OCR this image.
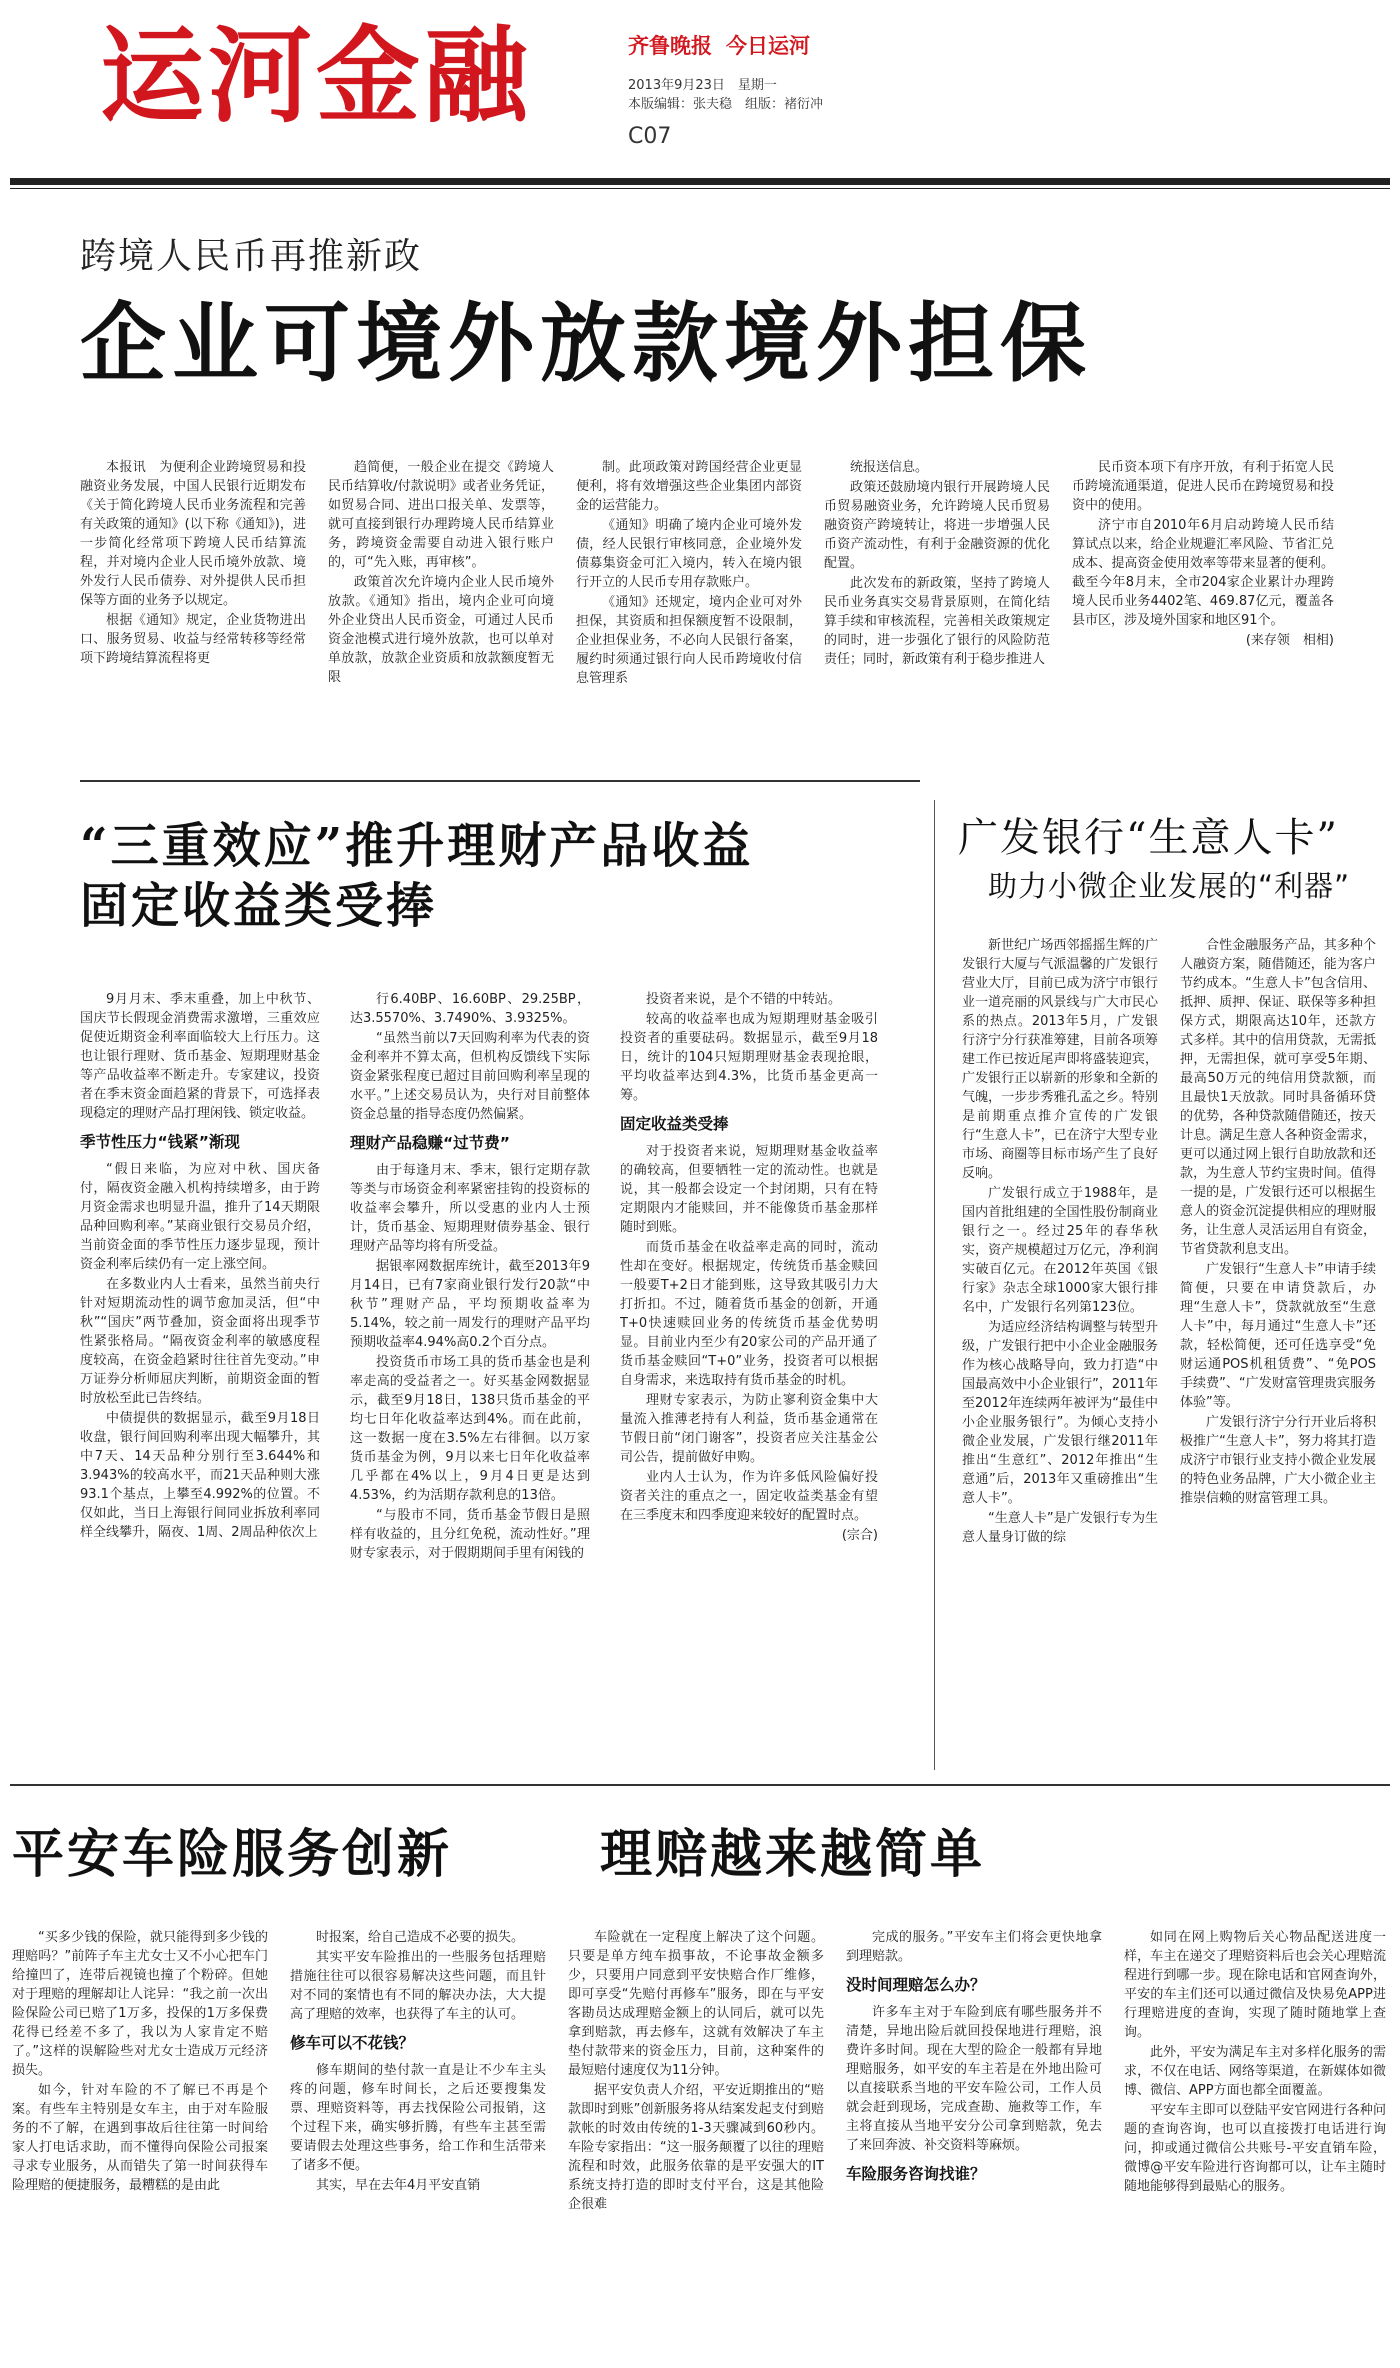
运河金融	齐鲁晚报 今日运河
2013年9月23日　星期一
本版编辑：张夫稳　组版：褚衍冲
C07
跨境人民币再推新政
企业可境外放款境外担保

本报讯　为便利企业跨境贸易和投融资业务发展，中国人民银行近期发布《关于简化跨境人民币业务流程和完善有关政策的通知》(以下称《通知》)，进一步简化经常项下跨境人民币结算流程，并对境内企业人民币境外放款、境外发行人民币债券、对外提供人民币担保等方面的业务予以规定。

根据《通知》规定，企业货物进出口、服务贸易、收益与经常转移等经常项下跨境结算流程将更

趋简便，一般企业在提交《跨境人民币结算收/付款说明》或者业务凭证，如贸易合同、进出口报关单、发票等，就可直接到银行办理跨境人民币结算业务，跨境资金需要自动进入银行账户的，可“先入账，再审核”。

政策首次允许境内企业人民币境外放款。《通知》指出，境内企业可向境外企业贷出人民币资金，可通过人民币资金池模式进行境外放款，也可以单对单放款，放款企业资质和放款额度暂无限

制。此项政策对跨国经营企业更显便利，将有效增强这些企业集团内部资金的运营能力。

《通知》明确了境内企业可境外发债，经人民银行审核同意，企业境外发债募集资金可汇入境内，转入在境内银行开立的人民币专用存款账户。

《通知》还规定，境内企业可对外担保，其资质和担保额度暂不设限制，企业担保业务，不必向人民银行备案，履约时须通过银行向人民币跨境收付信息管理系

统报送信息。

政策还鼓励境内银行开展跨境人民币贸易融资业务，允许跨境人民币贸易融资资产跨境转让，将进一步增强人民币资产流动性，有利于金融资源的优化配置。

此次发布的新政策，坚持了跨境人民币业务真实交易背景原则，在简化结算手续和审核流程，完善相关政策规定的同时，进一步强化了银行的风险防范责任；同时，新政策有利于稳步推进人

民币资本项下有序开放，有利于拓宽人民币跨境流通渠道，促进人民币在跨境贸易和投资中的使用。

济宁市自2010年6月启动跨境人民币结算试点以来，给企业规避汇率风险、节省汇兑成本、提高资金使用效率等带来显著的便利。截至今年8月末，全市204家企业累计办理跨境人民币业务4402笔、469.87亿元，覆盖各县市区，涉及境外国家和地区91个。

(来存领　相相)

“三重效应”推升理财产品收益
固定收益类受捧

9月月末、季末重叠，加上中秋节、国庆节长假现金消费需求激增，三重效应促使近期资金利率面临较大上行压力。这也让银行理财、货币基金、短期理财基金等产品收益率不断走升。专家建议，投资者在季末资金面趋紧的背景下，可选择表现稳定的理财产品打理闲钱、锁定收益。

季节性压力“钱紧”渐现

“假日来临，为应对中秋、国庆备付，隔夜资金融入机构持续增多，由于跨月资金需求也明显升温，推升了14天期限品种回购利率。”某商业银行交易员介绍，当前资金面的季节性压力逐步显现，预计资金利率后续仍有一定上涨空间。

在多数业内人士看来，虽然当前央行针对短期流动性的调节愈加灵活，但“中秋”“国庆”两节叠加，资金面将出现季节性紧张格局。“隔夜资金利率的敏感度程度较高，在资金趋紧时往往首先变动。”申万证券分析师屈庆判断，前期资金面的暂时放松至此已告终结。

中债提供的数据显示，截至9月18日收盘，银行间回购利率出现大幅攀升，其中7天、14天品种分别行至3.644%和3.943%的较高水平，而21天品种则大涨93.1个基点，上攀至4.992%的位置。不仅如此，当日上海银行间同业拆放利率同样全线攀升，隔夜、1周、2周品种依次上

行6.40BP、16.60BP、29.25BP，达3.5570%、3.7490%、3.9325%。

“虽然当前以7天回购利率为代表的资金利率并不算太高，但机构反馈线下实际资金紧张程度已超过目前回购利率呈现的水平。”上述交易员认为，央行对目前整体资金总量的指导态度仍然偏紧。

理财产品稳赚“过节费”

由于每逢月末、季末，银行定期存款等类与市场资金利率紧密挂钩的投资标的收益率会攀升，所以受惠的业内人士预计，货币基金、短期理财债券基金、银行理财产品等均将有所受益。

据银率网数据库统计，截至2013年9月14日，已有7家商业银行发行20款“中秋节”理财产品，平均预期收益率为5.14%，较之前一周发行的理财产品平均预期收益率4.94%高0.2个百分点。

投资货币市场工具的货币基金也是利率走高的受益者之一。好买基金网数据显示，截至9月18日，138只货币基金的平均七日年化收益率达到4%。而在此前，这一数据一度在3.5%左右徘徊。以万家货币基金为例，9月以来七日年化收益率几乎都在4%以上，9月4日更是达到4.53%，约为活期存款利息的13倍。

“与股市不同，货币基金节假日是照样有收益的，且分红免税，流动性好。”理财专家表示，对于假期期间手里有闲钱的

投资者来说，是个不错的中转站。

较高的收益率也成为短期理财基金吸引投资者的重要砝码。数据显示，截至9月18日，统计的104只短期理财基金表现抢眼，平均收益率达到4.3%，比货币基金更高一筹。

固定收益类受捧

对于投资者来说，短期理财基金收益率的确较高，但要牺牲一定的流动性。也就是说，其一般都会设定一个封闭期，只有在特定期限内才能赎回，并不能像货币基金那样随时到账。

而货币基金在收益率走高的同时，流动性却在变好。根据规定，传统货币基金赎回一般要T+2日才能到账，这导致其吸引力大打折扣。不过，随着货币基金的创新，开通T+0快速赎回业务的传统货币基金优势明显。目前业内至少有20家公司的产品开通了货币基金赎回“T+0”业务，投资者可以根据自身需求，来选取持有货币基金的时机。

理财专家表示，为防止寥利资金集中大量流入推薄老持有人利益，货币基金通常在节假日前“闭门谢客”，投资者应关注基金公司公告，提前做好申购。

业内人士认为，作为许多低风险偏好投资者关注的重点之一，固定收益类基金有望在三季度末和四季度迎来较好的配置时点。

(宗合)

广发银行“生意人卡”
助力小微企业发展的“利器”

新世纪广场西邻摇摇生辉的广发银行大厦与气派温馨的广发银行营业大厅，目前已成为济宁市银行业一道亮丽的风景线与广大市民心系的热点。2013年5月，广发银行济宁分行获准筹建，目前各项筹建工作已按近尾声即将盛装迎宾，广发银行正以崭新的形象和全新的气魄，一步步秀雅孔孟之乡。特别是前期重点推介宣传的广发银行“生意人卡”，已在济宁大型专业市场、商圈等目标市场产生了良好反响。

广发银行成立于1988年，是国内首批组建的全国性股份制商业银行之一。经过25年的春华秋实，资产规模超过万亿元，净利润实破百亿元。在2012年英国《银行家》杂志全球1000家大银行排名中，广发银行名列第123位。

为适应经济结构调整与转型升级，广发银行把中小企业金融服务作为核心战略导向，致力打造“中国最高效中小企业银行”，2011年至2012年连续两年被评为“最佳中小企业服务银行”。为倾心支持小微企业发展，广发银行继2011年推出“生意红”、2012年推出“生意通”后，2013年又重磅推出“生意人卡”。

“生意人卡”是广发银行专为生意人量身订做的综

合性金融服务产品，其多种个人融资方案，随借随还，能为客户节约成本。“生意人卡”包含信用、抵押、质押、保证、联保等多种担保方式，期限高达10年，还款方式多样。其中的信用贷款，无需抵押，无需担保，就可享受5年期、最高50万元的纯信用贷款额，而且最快1天放款。同时具备循环贷的优势，各种贷款随借随还，按天计息。满足生意人各种资金需求，更可以通过网上银行自助放款和还款，为生意人节约宝贵时间。值得一提的是，广发银行还可以根据生意人的资金沉淀提供相应的理财服务，让生意人灵活运用自有资金，节省贷款利息支出。

广发银行“生意人卡”申请手续简便，只要在申请贷款后，办理“生意人卡”，贷款就放至“生意人卡”中，每月通过“生意人卡”还款，轻松简便，还可任选享受“免财运通POS机租赁费”、“免POS手续费”、“广发财富管理贵宾服务体验”等。

广发银行济宁分行开业后将积极推广“生意人卡”，努力将其打造成济宁市银行业支持小微企业发展的特色业务品牌，广大小微企业主推崇信赖的财富管理工具。

平安车险服务创新	理赔越来越简单

“买多少钱的保险，就只能得到多少钱的理赔吗？”前阵子车主尤女士又不小心把车门给撞凹了，连带后视镜也撞了个粉碎。但她对于理赔的理解却让人诧异：“我之前一次出险保险公司已赔了1万多，投保的1万多保费花得已经差不多了，我以为人家肯定不赔了。”这样的误解险些对尤女士造成万元经济损失。

如今，针对车险的不了解已不再是个案。有些车主特别是女车主，由于对车险服务的不了解，在遇到事故后往往第一时间给家人打电话求助，而不懂得向保险公司报案寻求专业服务，从而错失了第一时间获得车险理赔的便捷服务，最糟糕的是由此

时报案，给自己造成不必要的损失。

其实平安车险推出的一些服务包括理赔措施往往可以很容易解决这些问题，而且针对不同的案情也有不同的解决办法，大大提高了理赔的效率，也获得了车主的认可。

修车可以不花钱？

修车期间的垫付款一直是让不少车主头疼的问题，修车时间长，之后还要搜集发票、理赔资料等，再去找保险公司报销，这个过程下来，确实够折腾，有些车主甚至需要请假去处理这些事务，给工作和生活带来了诸多不便。

其实，早在去年4月平安直销

车险就在一定程度上解决了这个问题。只要是单方纯车损事故，不论事故金额多少，只要用户同意到平安快赔合作厂维修，即可享受“先赔付再修车”服务，即在与平安客勘员达成理赔金额上的认同后，就可以先拿到赔款，再去修车，这就有效解决了车主垫付款带来的资金压力，目前，这种案件的最短赔付速度仅为11分钟。

据平安负责人介绍，平安近期推出的“赔款即时到账”创新服务将从结案发起支付到赔款帐的时效由传统的1-3天骤减到60秒内。车险专家指出：“这一服务颠覆了以往的理赔流程和时效，此服务依靠的是平安强大的IT系统支持打造的即时支付平台，这是其他险企很难

完成的服务。”平安车主们将会更快地拿到理赔款。

没时间理赔怎么办？

许多车主对于车险到底有哪些服务并不清楚，异地出险后就回投保地进行理赔，浪费许多时间。现在大型的险企一般都有异地理赔服务，如平安的车主若是在外地出险可以直接联系当地的平安车险公司，工作人员就会赶到现场，完成查勘、施救等工作，车主将直接从当地平安分公司拿到赔款，免去了来回奔波、补交资料等麻烦。

车险服务咨询找谁？

如同在网上购物后关心物品配送进度一样，车主在递交了理赔资料后也会关心理赔流程进行到哪一步。现在除电话和官网查询外，平安的车主们还可以通过微信及快易免APP进行理赔进度的查询，实现了随时随地掌上查询。

此外，平安为满足车主对多样化服务的需求，不仅在电话、网络等渠道，在新媒体如微博、微信、APP方面也都全面覆盖。

平安车主即可以登陆平安官网进行各种问题的查询咨询，也可以直接拨打电话进行询问，抑或通过微信公共账号-平安直销车险，微博@平安车险进行咨询都可以，让车主随时随地能够得到最贴心的服务。
